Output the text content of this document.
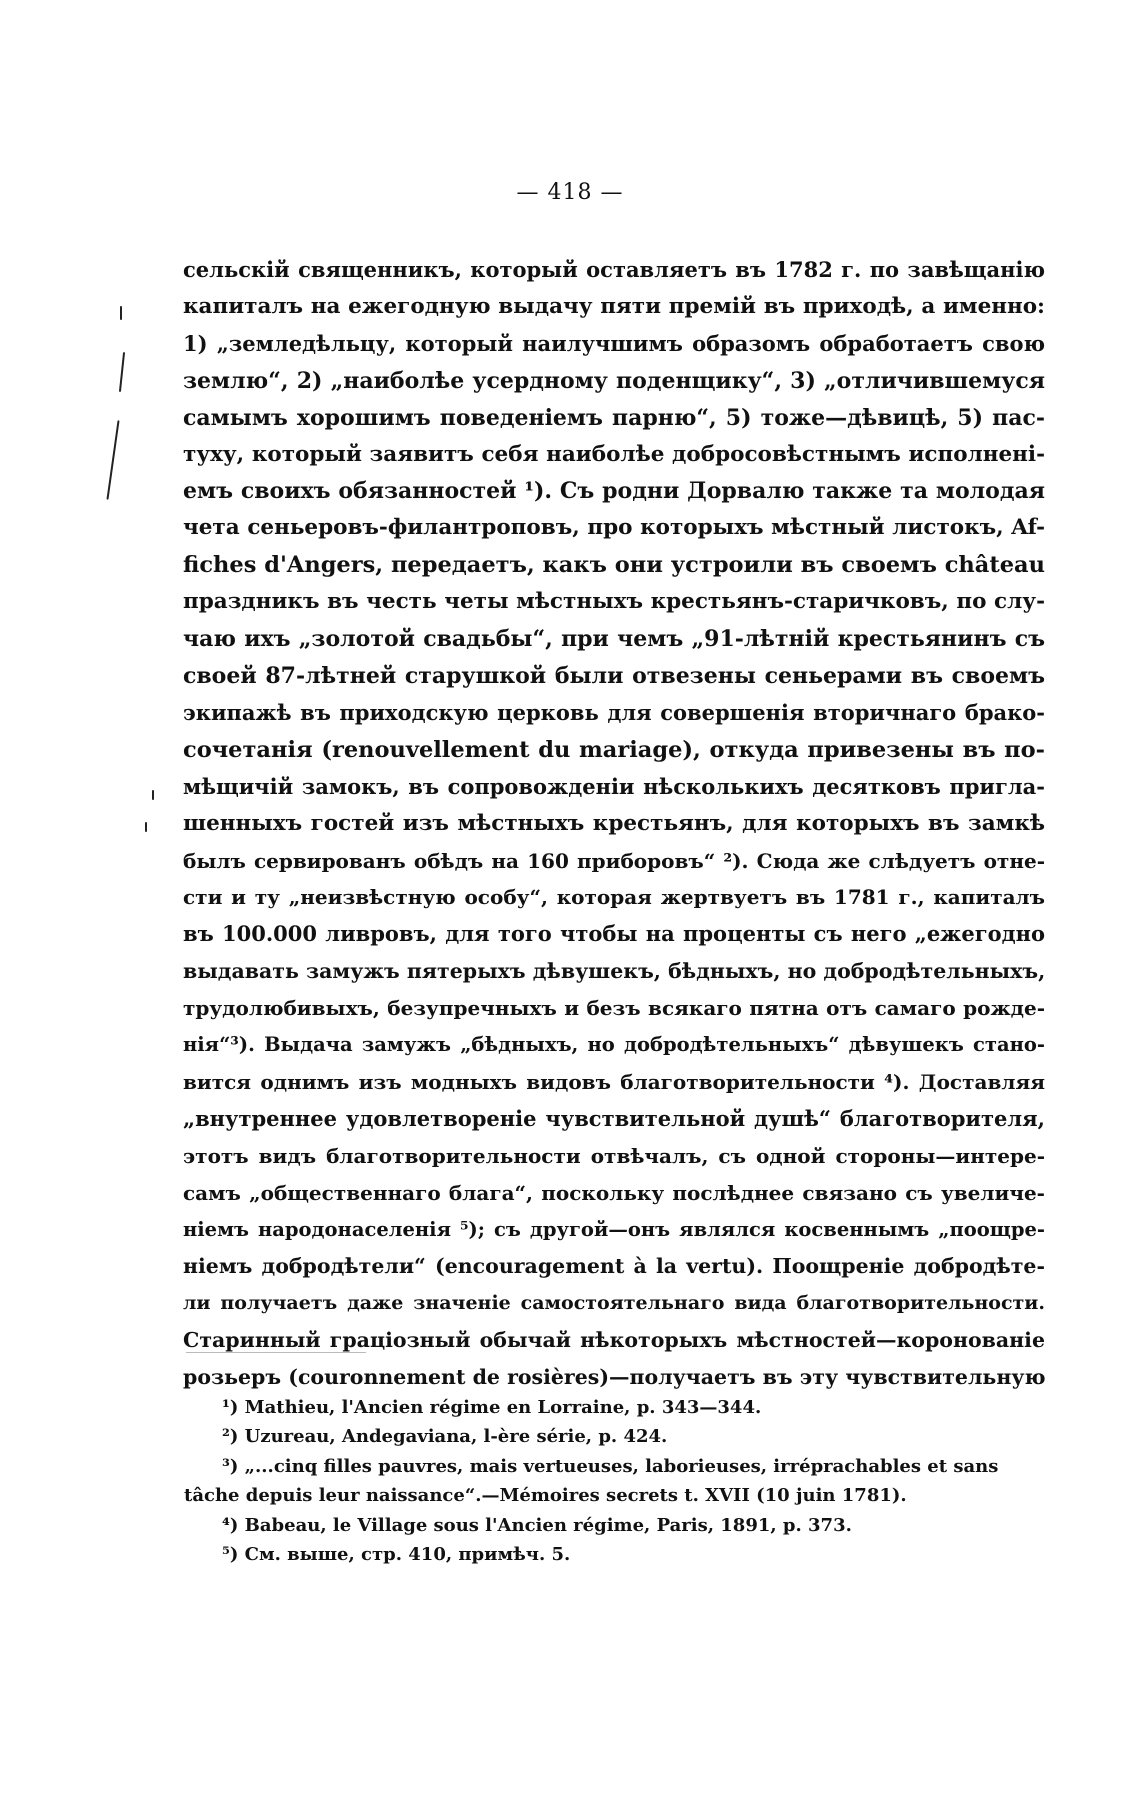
— 418 —
сельскій священникъ, который оставляетъ въ 1782 г. по завѣщанію
капиталъ на ежегодную выдачу пяти премій въ приходѣ, а именно:
1) „земледѣльцу, который наилучшимъ образомъ обработаетъ свою
землю“, 2) „наиболѣе усердному поденщику“, 3) „отличившемуся
самымъ хорошимъ поведеніемъ парню“, 5) тоже—дѣвицѣ, 5) пас-
туху, который заявитъ себя наиболѣе добросовѣстнымъ исполнені-
емъ своихъ обязанностей ¹). Съ родни Дорвалю также та молодая
чета сеньеровъ-филантроповъ, про которыхъ мѣстный листокъ, Af-
fiches d'Angers, передаетъ, какъ они устроили въ своемъ château
праздникъ въ честь четы мѣстныхъ крестьянъ-старичковъ, по слу-
чаю ихъ „золотой свадьбы“, при чемъ „91-лѣтній крестьянинъ съ
своей 87-лѣтней старушкой были отвезены сеньерами въ своемъ
экипажѣ въ приходскую церковь для совершенія вторичнаго брако-
сочетанія (renouvellement du mariage), откуда привезены въ по-
мѣщичій замокъ, въ сопровожденіи нѣсколькихъ десятковъ пригла-
шенныхъ гостей изъ мѣстныхъ крестьянъ, для которыхъ въ замкѣ
былъ сервированъ обѣдъ на 160 приборовъ“ ²). Сюда же слѣдуетъ отне-
сти и ту „неизвѣстную особу“, которая жертвуетъ въ 1781 г., капиталъ
въ 100.000 ливровъ, для того чтобы на проценты съ него „ежегодно
выдавать замужъ пятерыхъ дѣвушекъ, бѣдныхъ, но добродѣтельныхъ,
трудолюбивыхъ, безупречныхъ и безъ всякаго пятна отъ самаго рожде-
нія“³). Выдача замужъ „бѣдныхъ, но добродѣтельныхъ“ дѣвушекъ стано-
вится однимъ изъ модныхъ видовъ благотворительности ⁴). Доставляя
„внутреннее удовлетвореніе чувствительной душѣ“ благотворителя,
этотъ видъ благотворительности отвѣчалъ, съ одной стороны—интере-
самъ „общественнаго блага“, поскольку послѣднее связано съ увеличе-
ніемъ народонаселенія ⁵); съ другой—онъ являлся косвеннымъ „поощре-
ніемъ добродѣтели“ (encouragement à la vertu). Поощреніе добродѣте-
ли получаетъ даже значеніе самостоятельнаго вида благотворительности.
Старинный граціозный обычай нѣкоторыхъ мѣстностей—коронованіе
розьеръ (couronnement de rosières)—получаетъ въ эту чувствительную
¹) Mathieu, l'Ancien régime en Lorraine, p. 343—344.
²) Uzureau, Andegaviana, l-ère série, p. 424.
³) „...cinq filles pauvres, mais vertueuses, laborieuses, irréprachables et sans
tâche depuis leur naissance“.—Mémoires secrets t. XVII (10 juin 1781).
⁴) Babeau, le Village sous l'Ancien régime, Paris, 1891, p. 373.
⁵) См. выше, стр. 410, примѣч. 5.
